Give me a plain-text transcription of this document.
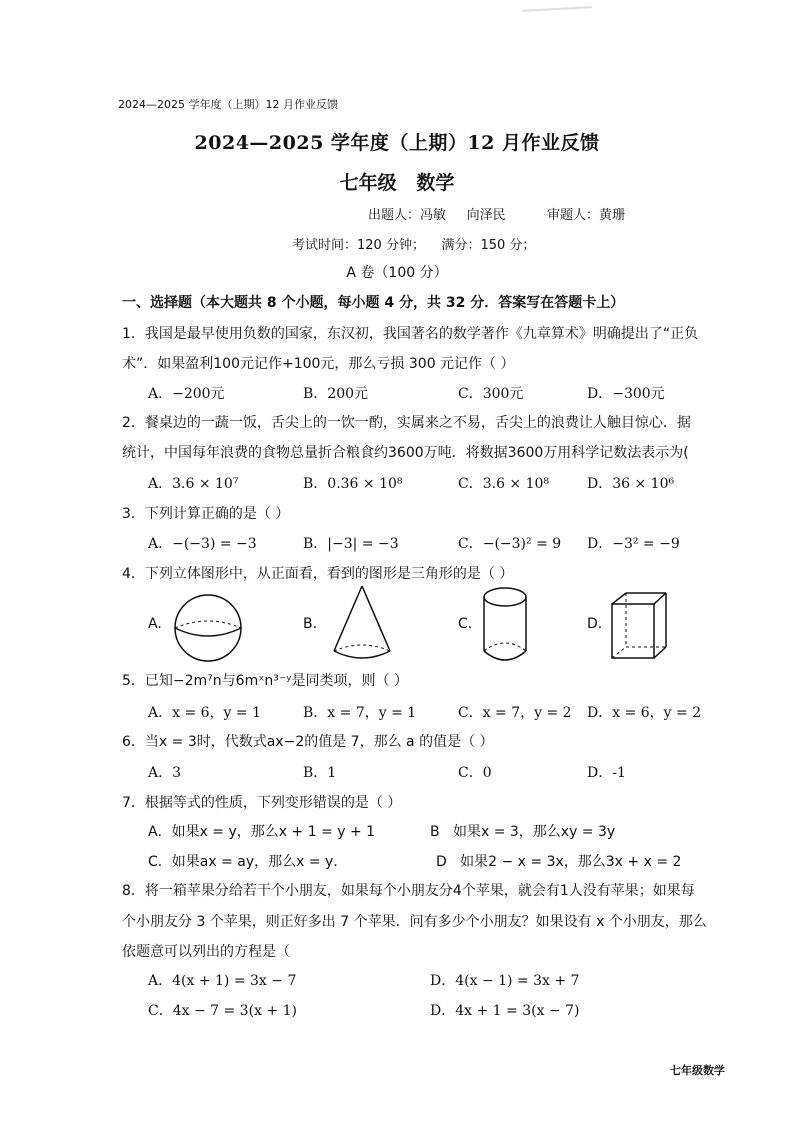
2024—2025 学年度（上期）12 月作业反馈
2024—2025 学年度（上期）12 月作业反馈
七年级   数学
出题人：冯敏     向泽民          审题人：黄珊
考试时间：120 分钟；    满分：150 分；
A 卷（100 分）
一、选择题（本大题共 8 个小题，每小题 4 分，共 32 分．答案写在答题卡上）
1．我国是最早使用负数的国家，东汉初，我国著名的数学著作《九章算术》明确提出了“正负
术”．如果盈利100元记作+100元，那么亏损 300 元记作（ ）
A．−200元	B．200元	C．300元	D．−300元
2．餐桌边的一蔬一饭，舌尖上的一饮一酌，实属来之不易，舌尖上的浪费让人触目惊心．据
统计，中国每年浪费的食物总量折合粮食约3600万吨．将数据3600万用科学记数法表示为(
A．3.6 × 10⁷	B．0.36 × 10⁸	C．3.6 × 10⁸	D．36 × 10⁶
3．下列计算正确的是（ ）
A．−(−3) = −3	B．|−3| = −3	C．−(−3)² = 9 D．−3² = −9
4．下列立体图形中，从正面看，看到的图形是三角形的是（ ）
A.	B.	C.	D.
5．已知−2m⁷n与6mˣn³⁻ʸ是同类项，则（ ）
A．x = 6，y = 1	B．x = 7，y = 1	C．x = 7，y = 2 D．x = 6，y = 2
6．当x = 3时，代数式ax−2的值是 7，那么 a 的值是（ ）
A．3	B．1	C．0	D．-1
7．根据等式的性质，下列变形错误的是（ ）
A．如果x = y，那么x + 1 = y + 1	B   如果x = 3，那么xy = 3y
C．如果ax = ay，那么x = y．	D   如果2 − x = 3x，那么3x + x = 2
8．将一箱苹果分给若干个小朋友，如果每个小朋友分4个苹果，就会有1人没有苹果；如果每
个小朋友分 3 个苹果，则正好多出 7 个苹果．问有多少个小朋友？如果设有 x 个小朋友，那么
依题意可以列出的方程是（
A．4(x + 1) = 3x − 7	D．4(x − 1) = 3x + 7
C．4x − 7 = 3(x + 1)	D．4x + 1 = 3(x − 7)
七年级数学
